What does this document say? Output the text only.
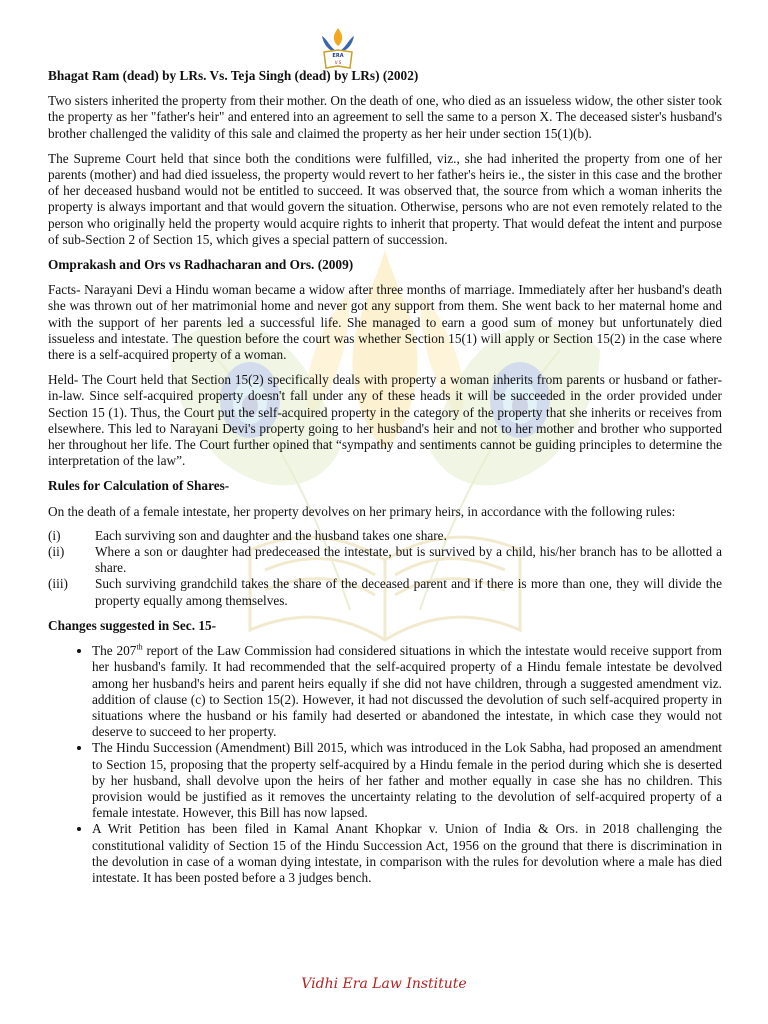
ERA
V S
Bhagat Ram (dead) by LRs. Vs. Teja Singh (dead) by LRs) (2002)

Two sisters inherited the property from their mother. On the death of one, who died as an issueless widow, the other sister took the property as her "father's heir" and entered into an agreement to sell the same to a person X. The deceased sister's husband's brother challenged the validity of this sale and claimed the property as her heir under section 15(1)(b).

The Supreme Court held that since both the conditions were fulfilled, viz., she had inherited the property from one of her parents (mother) and had died issueless, the property would revert to her father's heirs ie., the sister in this case and the brother of her deceased husband would not be entitled to succeed. It was observed that, the source from which a woman inherits the property is always important and that would govern the situation. Otherwise, persons who are not even remotely related to the person who originally held the property would acquire rights to inherit that property. That would defeat the intent and purpose of sub-Section 2 of Section 15, which gives a special pattern of succession.

Omprakash and Ors vs Radhacharan and Ors. (2009)

Facts- Narayani Devi a Hindu woman became a widow after three months of marriage. Immediately after her husband's death she was thrown out of her matrimonial home and never got any support from them. She went back to her maternal home and with the support of her parents led a successful life. She managed to earn a good sum of money but unfortunately died issueless and intestate. The question before the court was whether Section 15(1) will apply or Section 15(2) in the case where there is a self-acquired property of a woman.

Held- The Court held that Section 15(2) specifically deals with property a woman inherits from parents or husband or father-in-law. Since self-acquired property doesn't fall under any of these heads it will be succeeded in the order provided under Section 15 (1). Thus, the Court put the self-acquired property in the category of the property that she inherits or receives from elsewhere. This led to Narayani Devi's property going to her husband's heir and not to her mother and brother who supported her throughout her life. The Court further opined that “sympathy and sentiments cannot be guiding principles to determine the interpretation of the law”.

Rules for Calculation of Shares-

On the death of a female intestate, her property devolves on her primary heirs, in accordance with the following rules:

(i)	Each surviving son and daughter and the husband takes one share.
(ii)	Where a son or daughter had predeceased the intestate, but is survived by a child, his/her branch has to be allotted a share.
(iii)	Such surviving grandchild takes the share of the deceased parent and if there is more than one, they will divide the property equally among themselves.
Changes suggested in Sec. 15-
• The 207th report of the Law Commission had considered situations in which the intestate would receive support from her husband's family. It had recommended that the self-acquired property of a Hindu female intestate be devolved among her husband's heirs and parent heirs equally if she did not have children, through a suggested amendment viz. addition of clause (c) to Section 15(2). However, it had not discussed the devolution of such self-acquired property in situations where the husband or his family had deserted or abandoned the intestate, in which case they would not deserve to succeed to her property.
• The Hindu Succession (Amendment) Bill 2015, which was introduced in the Lok Sabha, had proposed an amendment to Section 15, proposing that the property self-acquired by a Hindu female in the period during which she is deserted by her husband, shall devolve upon the heirs of her father and mother equally in case she has no children. This provision would be justified as it removes the uncertainty relating to the devolution of self-acquired property of a female intestate. However, this Bill has now lapsed.
• A Writ Petition has been filed in Kamal Anant Khopkar v. Union of India & Ors. in 2018 challenging the constitutional validity of Section 15 of the Hindu Succession Act, 1956 on the ground that there is discrimination in the devolution in case of a woman dying intestate, in comparison with the rules for devolution where a male has died intestate. It has been posted before a 3 judges bench.
Vidhi Era Law Institute
